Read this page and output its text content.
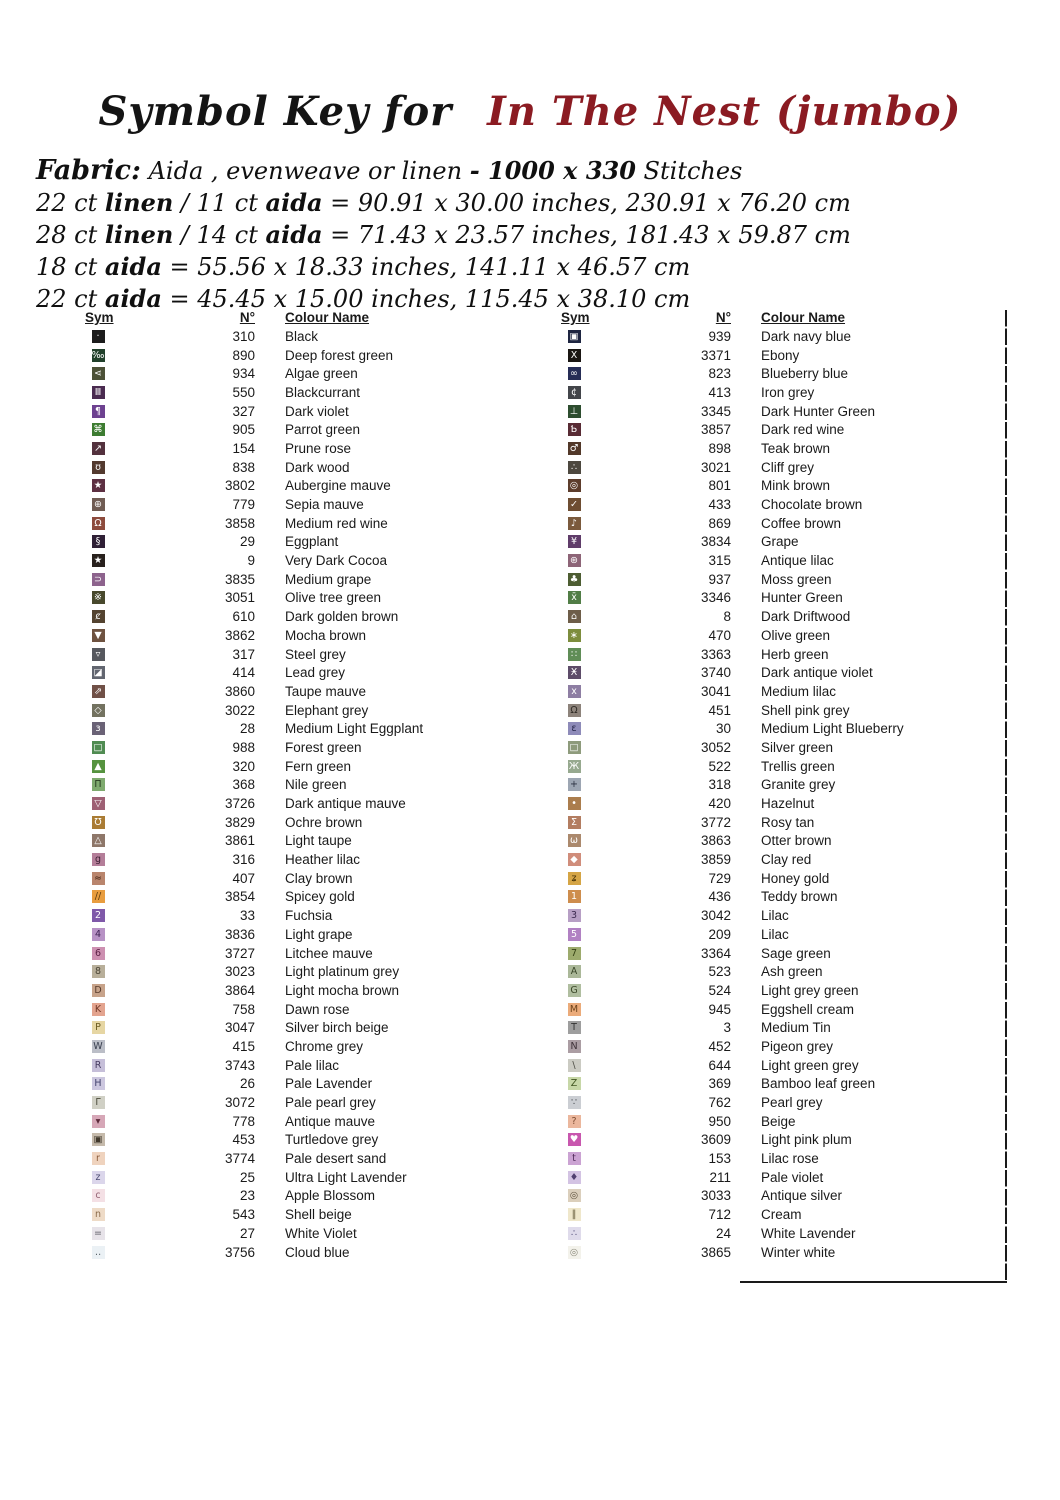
Symbol Key for In The Nest (jumbo)
Fabric: Aida , evenweave or linen - 1000 x 330 Stitches
22 ct linen / 11 ct aida = 90.91 x 30.00 inches, 230.91 x 76.20 cm
28 ct linen / 14 ct aida = 71.43 x 23.57 inches, 181.43 x 59.87 cm
18 ct aida = 55.56 x 18.33 inches, 141.11 x 46.57 cm
22 ct aida = 45.45 x 15.00 inches, 115.45 x 38.10 cm
Sym	N° Colour Name
·	310 Black
‰	890 Deep forest green
⋖	934 Algae green
Ⅲ	550 Blackcurrant
¶	327 Dark violet
⌘	905 Parrot green
↗	154 Prune rose
ʊ	838 Dark wood
★	3802 Aubergine mauve
⊕	779 Sepia mauve
Ω	3858 Medium red wine
§	29 Eggplant
★	9 Very Dark Cocoa
⊃	3835 Medium grape
※	3051 Olive tree green
ȼ	610 Dark golden brown
▼	3862 Mocha brown
▿	317 Steel grey
◪	414 Lead grey
⇗	3860 Taupe mauve
◇	3022 Elephant grey
ɜ	28 Medium Light Eggplant
□	988 Forest green
▲	320 Fern green
Π	368 Nile green
▽	3726 Dark antique mauve
Ʊ	3829 Ochre brown
△	3861 Light taupe
g	316 Heather lilac
≈	407 Clay brown
//	3854 Spicey gold
2	33 Fuchsia
4	3836 Light grape
6	3727 Litchee mauve
8	3023 Light platinum grey
D	3864 Light mocha brown
K	758 Dawn rose
P	3047 Silver birch beige
W	415 Chrome grey
R	3743 Pale lilac
H	26 Pale Lavender
Γ	3072 Pale pearl grey
▾	778 Antique mauve
▣	453 Turtledove grey
r	3774 Pale desert sand
z	25 Ultra Light Lavender
c	23 Apple Blossom
n	543 Shell beige
=	27 White Violet
‥	3756 Cloud blue
Sym	N° Colour Name
▣	939 Dark navy blue
X	3371 Ebony
∞	823 Blueberry blue
¢	413 Iron grey
⊥	3345 Dark Hunter Green
Ƅ	3857 Dark red wine
♂	898 Teak brown
∴	3021 Cliff grey
◎	801 Mink brown
✓	433 Chocolate brown
♪	869 Coffee brown
¥	3834 Grape
⊛	315 Antique lilac
♣	937 Moss green
x̄	3346 Hunter Green
⌂	8 Dark Driftwood
∗	470 Olive green
∷	3363 Herb green
Ӿ	3740 Dark antique violet
x	3041 Medium lilac
Ω	451 Shell pink grey
ε	30 Medium Light Blueberry
□	3052 Silver green
Ж	522 Trellis green
+	318 Granite grey
•	420 Hazelnut
Σ	3772 Rosy tan
ω	3863 Otter brown
◆	3859 Clay red
ʑ	729 Honey gold
1	436 Teddy brown
3	3042 Lilac
5	209 Lilac
7	3364 Sage green
A	523 Ash green
G	524 Light grey green
M	945 Eggshell cream
T	3 Medium Tin
N	452 Pigeon grey
\	644 Light green grey
Z	369 Bamboo leaf green
∵	762 Pearl grey
?	950 Beige
♥	3609 Light pink plum
t	153 Lilac rose
♦	211 Pale violet
◎	3033 Antique silver
‖	712 Cream
∴	24 White Lavender
◎	3865 Winter white
